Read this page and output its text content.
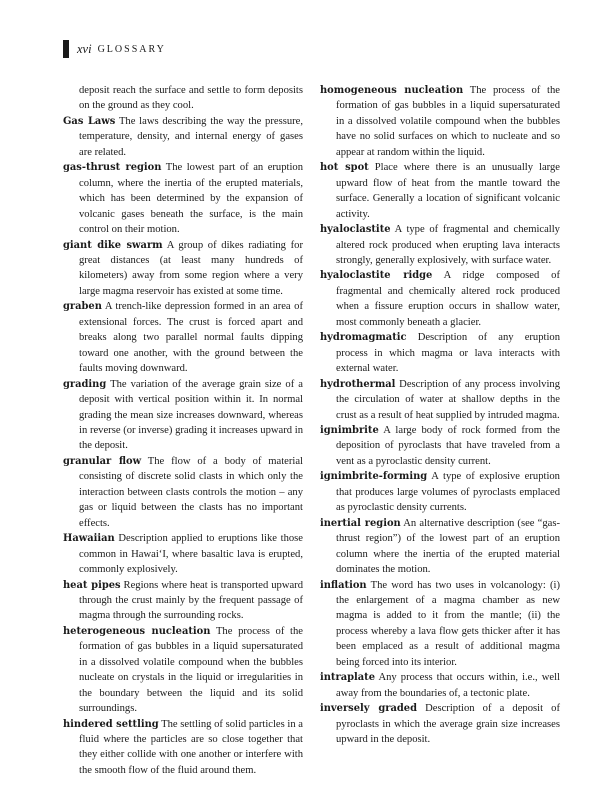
xvi GLOSSARY

deposit reach the surface and settle to form deposits on the ground as they cool.

Gas Laws The laws describing the way the pressure, temperature, density, and internal energy of gases are related.

gas-thrust region The lowest part of an eruption column, where the inertia of the erupted materials, which has been determined by the expansion of volcanic gases beneath the surface, is the main control on their motion.

giant dike swarm A group of dikes radiating for great distances (at least many hundreds of kilometers) away from some region where a very large magma reservoir has existed at some time.

graben A trench-like depression formed in an area of extensional forces. The crust is forced apart and breaks along two parallel normal faults dipping toward one another, with the ground between the faults moving downward.

grading The variation of the average grain size of a deposit with vertical position within it. In normal grading the mean size increases downward, whereas in reverse (or inverse) grading it increases upward in the deposit.

granular flow The flow of a body of material consisting of discrete solid clasts in which only the interaction between clasts controls the motion – any gas or liquid between the clasts has no important effects.

Hawaiian Description applied to eruptions like those common in Hawai‘I, where basaltic lava is erupted, commonly explosively.

heat pipes Regions where heat is transported upward through the crust mainly by the frequent passage of magma through the surrounding rocks.

heterogeneous nucleation The process of the formation of gas bubbles in a liquid supersaturated in a dissolved volatile compound when the bubbles nucleate on crystals in the liquid or irregularities in the boundary between the liquid and its solid surroundings.

hindered settling The settling of solid particles in a fluid where the particles are so close together that they either collide with one another or interfere with the smooth flow of the fluid around them.

homogeneous nucleation The process of the formation of gas bubbles in a liquid supersaturated in a dissolved volatile compound when the bubbles have no solid surfaces on which to nucleate and so appear at random within the liquid.

hot spot Place where there is an unusually large upward flow of heat from the mantle toward the surface. Generally a location of significant volcanic activity.

hyaloclastite A type of fragmental and chemically altered rock produced when erupting lava interacts strongly, generally explosively, with surface water.

hyaloclastite ridge A ridge composed of fragmental and chemically altered rock produced when a fissure eruption occurs in shallow water, most commonly beneath a glacier.

hydromagmatic Description of any eruption process in which magma or lava interacts with external water.

hydrothermal Description of any process involving the circulation of water at shallow depths in the crust as a result of heat supplied by intruded magma.

ignimbrite A large body of rock formed from the deposition of pyroclasts that have traveled from a vent as a pyroclastic density current.

ignimbrite-forming A type of explosive eruption that produces large volumes of pyroclasts emplaced as pyroclastic density currents.

inertial region An alternative description (see “gas-thrust region”) of the lowest part of an eruption column where the inertia of the erupted material dominates the motion.

inflation The word has two uses in volcanology: (i) the enlargement of a magma chamber as new magma is added to it from the mantle; (ii) the process whereby a lava flow gets thicker after it has been emplaced as a result of additional magma being forced into its interior.

intraplate Any process that occurs within, i.e., well away from the boundaries of, a tectonic plate.

inversely graded Description of a deposit of pyroclasts in which the average grain size increases upward in the deposit.
